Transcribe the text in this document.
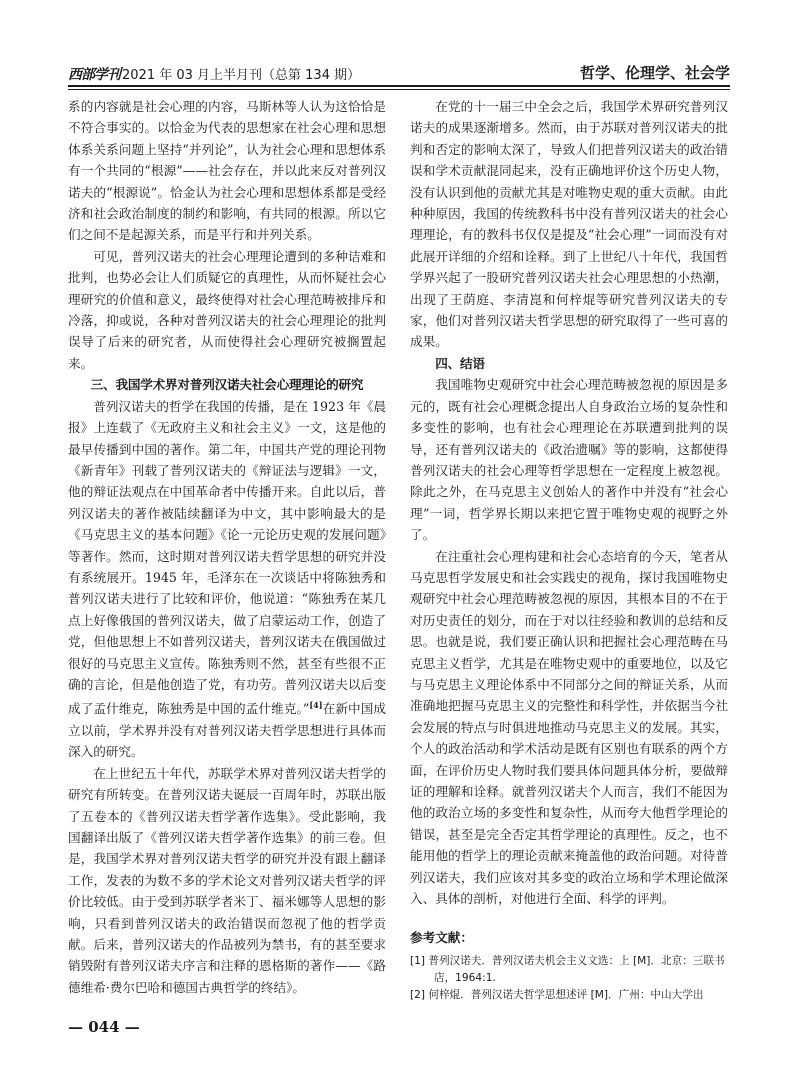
西部学刊 2021 年 03 月上半月刊（总第 134 期）	哲学、伦理学、社会学

系的内容就是社会心理的内容，马斯林等人认为这恰恰是不符合事实的。以恰金为代表的思想家在社会心理和思想体系关系问题上坚持“并列论”，认为社会心理和思想体系有一个共同的“根源”——社会存在，并以此来反对普列汉诺夫的“根源说”。恰金认为社会心理和思想体系都是受经济和社会政治制度的制约和影响，有共同的根源。所以它们之间不是起源关系，而是平行和并列关系。

可见，普列汉诺夫的社会心理理论遭到的多种诘难和批判，也势必会让人们质疑它的真理性，从而怀疑社会心理研究的价值和意义，最终使得对社会心理范畴被排斥和冷落，抑或说，各种对普列汉诺夫的社会心理理论的批判误导了后来的研究者，从而使得社会心理研究被搁置起来。

三、我国学术界对普列汉诺夫社会心理理论的研究

普列汉诺夫的哲学在我国的传播，是在 1923 年《晨报》上连载了《无政府主义和社会主义》一文，这是他的最早传播到中国的著作。第二年，中国共产党的理论刊物《新青年》刊载了普列汉诺夫的《辩证法与逻辑》一文，他的辩证法观点在中国革命者中传播开来。自此以后，普列汉诺夫的著作被陆续翻译为中文，其中影响最大的是《马克思主义的基本问题》《论一元论历史观的发展问题》等著作。然而，这时期对普列汉诺夫哲学思想的研究并没有系统展开。1945 年，毛泽东在一次谈话中将陈独秀和普列汉诺夫进行了比较和评价，他说道：“陈独秀在某几点上好像俄国的普列汉诺夫，做了启蒙运动工作，创造了党，但他思想上不如普列汉诺夫，普列汉诺夫在俄国做过很好的马克思主义宣传。陈独秀则不然，甚至有些很不正确的言论，但是他创造了党，有功劳。普列汉诺夫以后变成了孟什维克，陈独秀是中国的孟什维克。”[4]在新中国成立以前，学术界并没有对普列汉诺夫哲学思想进行具体而深入的研究。

在上世纪五十年代，苏联学术界对普列汉诺夫哲学的研究有所转变。在普列汉诺夫诞辰一百周年时，苏联出版了五卷本的《普列汉诺夫哲学著作选集》。受此影响，我国翻译出版了《普列汉诺夫哲学著作选集》的前三卷。但是，我国学术界对普列汉诺夫哲学的研究并没有跟上翻译工作，发表的为数不多的学术论文对普列汉诺夫哲学的评价比较低。由于受到苏联学者米丁、福米娜等人思想的影响，只看到普列汉诺夫的政治错误而忽视了他的哲学贡献。后来，普列汉诺夫的作品被列为禁书，有的甚至要求销毁附有普列汉诺夫序言和注释的恩格斯的著作——《路德维希·费尔巴哈和德国古典哲学的终结》。

在党的十一届三中全会之后，我国学术界研究普列汉诺夫的成果逐渐增多。然而，由于苏联对普列汉诺夫的批判和否定的影响太深了，导致人们把普列汉诺夫的政治错误和学术贡献混同起来，没有正确地评价这个历史人物，没有认识到他的贡献尤其是对唯物史观的重大贡献。由此种种原因，我国的传统教科书中没有普列汉诺夫的社会心理理论，有的教科书仅仅是提及“社会心理”一词而没有对此展开详细的介绍和诠释。到了上世纪八十年代，我国哲学界兴起了一股研究普列汉诺夫社会心理思想的小热潮，出现了王荫庭、李清崑和何梓焜等研究普列汉诺夫的专家，他们对普列汉诺夫哲学思想的研究取得了一些可喜的成果。

四、结语

我国唯物史观研究中社会心理范畴被忽视的原因是多元的，既有社会心理概念提出人自身政治立场的复杂性和多变性的影响，也有社会心理理论在苏联遭到批判的误导，还有普列汉诺夫的《政治遗嘱》等的影响，这都使得普列汉诺夫的社会心理等哲学思想在一定程度上被忽视。除此之外，在马克思主义创始人的著作中并没有“社会心理”一词，哲学界长期以来把它置于唯物史观的视野之外了。

在注重社会心理构建和社会心态培育的今天，笔者从马克思哲学发展史和社会实践史的视角，探讨我国唯物史观研究中社会心理范畴被忽视的原因，其根本目的不在于对历史责任的划分，而在于对以往经验和教训的总结和反思。也就是说，我们要正确认识和把握社会心理范畴在马克思主义哲学，尤其是在唯物史观中的重要地位，以及它与马克思主义理论体系中不同部分之间的辩证关系，从而准确地把握马克思主义的完整性和科学性，并依据当今社会发展的特点与时俱进地推动马克思主义的发展。其实，个人的政治活动和学术活动是既有区别也有联系的两个方面，在评价历史人物时我们要具体问题具体分析，要做辩证的理解和诠释。就普列汉诺夫个人而言，我们不能因为他的政治立场的多变性和复杂性，从而夸大他哲学理论的错误，甚至是完全否定其哲学理论的真理性。反之，也不能用他的哲学上的理论贡献来掩盖他的政治问题。对待普列汉诺夫，我们应该对其多变的政治立场和学术理论做深入、具体的剖析，对他进行全面、科学的评判。

参考文献：

[1] 普列汉诺夫．普列汉诺夫机会主义文选：上 [M]．北京：三联书店，1964:1.
[2] 何梓焜．普列汉诺夫哲学思想述评 [M]．广州：中山大学出
— 044 —
